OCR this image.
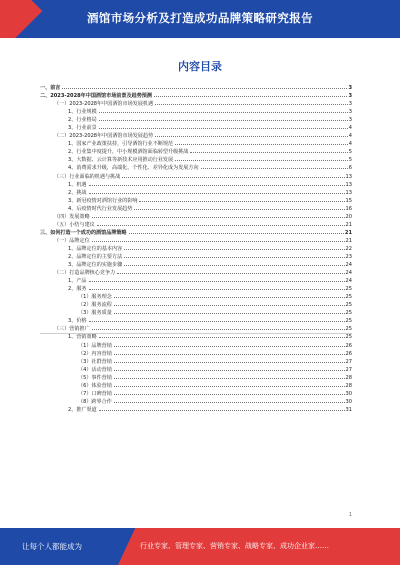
酒馆市场分析及打造成功品牌策略研究报告
内容目录
一、前言	3
二、2023-2028年中国酒馆市场前景及趋势预测	3
（一）2023-2028年中国酒馆市场发展机遇	3
1、行业规模	3
2、行业格局	3
3、行业前景	4
（二）2023-2028年中国酒馆市场发展趋势	4
1、国家产业政策扶持，引导酒馆行业不断规范	4
2、行业集中度提升，中小规模酒馆面临转型升级挑战	5
3、大数据、云计算等新技术应用推动行业发展	5
4、消费需求升级，高端化、个性化、差异化成为发展方向	6
（三）行业面临的机遇与挑战	13
1、机遇	13
2、挑战	13
3、新冠疫情对酒馆行业的影响	15
4、后疫情时代行业发展趋势	16
（四）发展策略	20
（五）小结与建议	21
三、如何打造一个成功的酒馆品牌策略	21
（一）品牌定位	21
1、品牌定位的基本内容	22
2、品牌定位的主要方法	23
3、品牌定位的实施步骤	24
（二）打造品牌核心竞争力	24
1、产品	24
2、服务	25
（1）服务理念	25
（2）服务流程	25
（3）服务质量	25
3、价格	25
（三）营销推广	25
1、营销策略	25
（1）品牌营销	26
（2）内容营销	26
（3）社群营销	27
（4）活动营销	27
（5）事件营销	28
（6）体验营销	28
（7）口碑营销	30
（8）跨界合作	30
2、推广渠道	31
1
让每个人都能成为	行业专家、管理专家、营销专家、战略专家、成功企业家……
